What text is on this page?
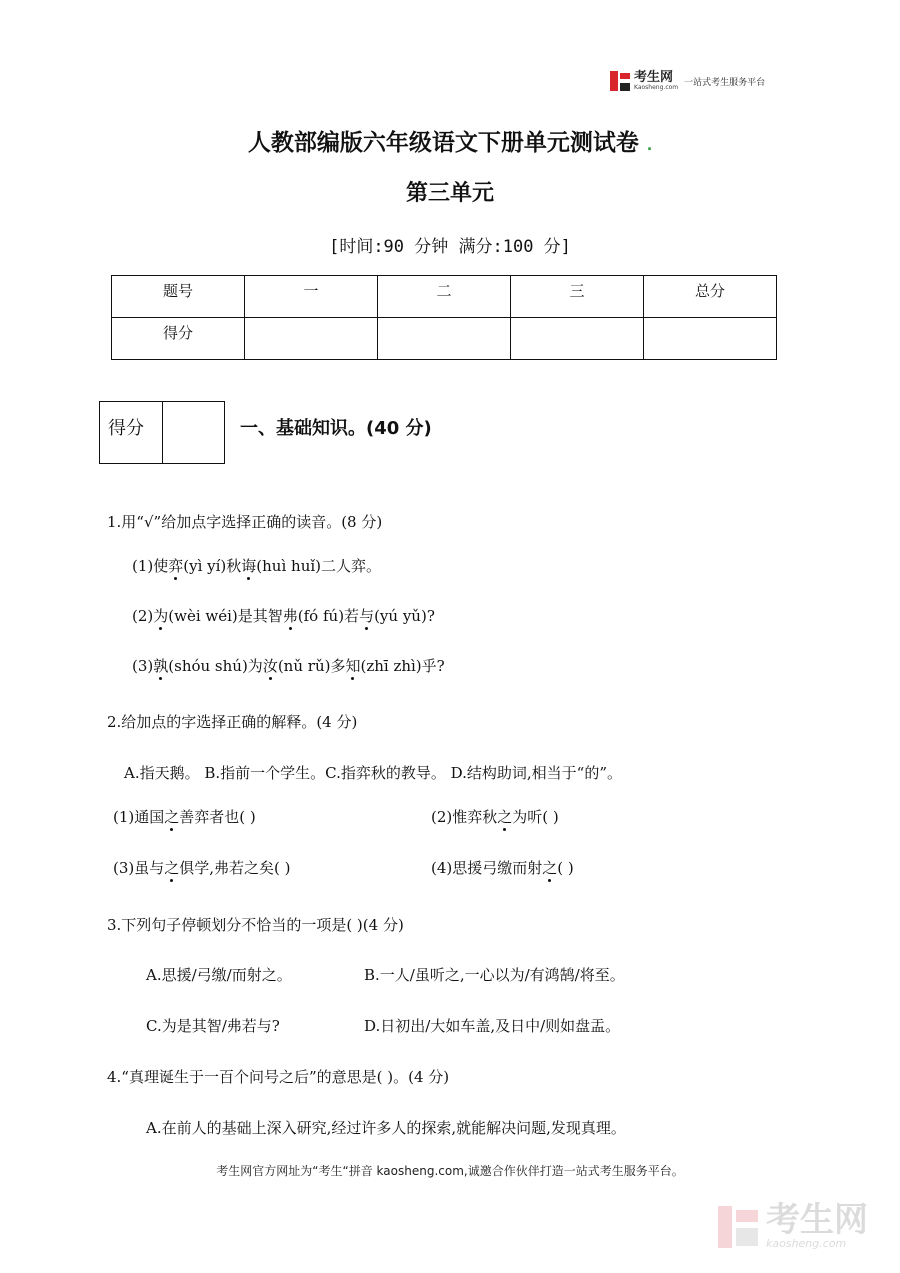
考生网
Kaosheng.com 一站式考生服务平台
人教部编版六年级语文下册单元测试卷 .
第三单元
[时间:90 分钟 满分:100 分]
题号	一	二	三	总分
得分				
得分	一、基础知识。(40 分)
1.用“√”给加点字选择正确的读音。(8 分)
(1)使弈(yì yí)秋诲(huì huǐ)二人弈。
(2)为(wèi wéi)是其智弗(fó fú)若与(yú yǔ)?
(3)孰(shóu shú)为汝(nǔ rǔ)多知(zhī zhì)乎?
2.给加点的字选择正确的解释。(4 分)
A.指天鹅。 B.指前一个学生。C.指弈秋的教导。 D.结构助词,相当于“的”。
(1)通国之善弈者也( )	(2)惟弈秋之为听( )
(3)虽与之俱学,弗若之矣( )	(4)思援弓缴而射之( )
3.下列句子停顿划分不恰当的一项是( )(4 分)
A.思援/弓缴/而射之。	B.一人/虽听之,一心以为/有鸿鹄/将至。
C.为是其智/弗若与?	D.日初出/大如车盖,及日中/则如盘盂。
4.“真理诞生于一百个问号之后”的意思是( )。(4 分)
A.在前人的基础上深入研究,经过许多人的探索,就能解决问题,发现真理。
考生网官方网址为“考生“拼音 kaosheng.com,诚邀合作伙伴打造一站式考生服务平台。
考生网
kaosheng.com
